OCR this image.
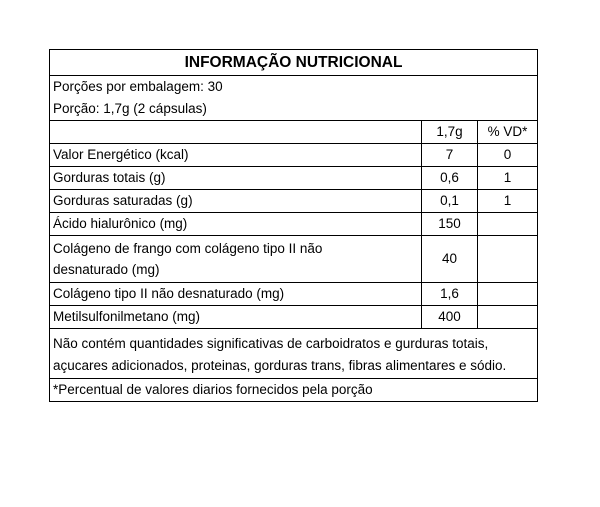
INFORMAÇÃO NUTRICIONAL		
Porções por embalagem: 30		
Porção: 1,7g (2 cápsulas)		
	1,7g	% VD*
Valor Energético (kcal)	7	0
Gorduras totais (g)	0,6	1
Gorduras saturadas (g)	0,1	1
Ácido hialurônico (mg)	150	
Colágeno de frango com colágeno tipo II não desnaturado (mg)	40	
Colágeno tipo II não desnaturado (mg)	1,6	
Metilsulfonilmetano (mg)	400	
Não contém quantidades significativas de carboidratos e gurduras totais, açucares adicionados, proteinas, gorduras trans, fibras alimentares e sódio.		
*Percentual de valores diarios fornecidos pela porção		
